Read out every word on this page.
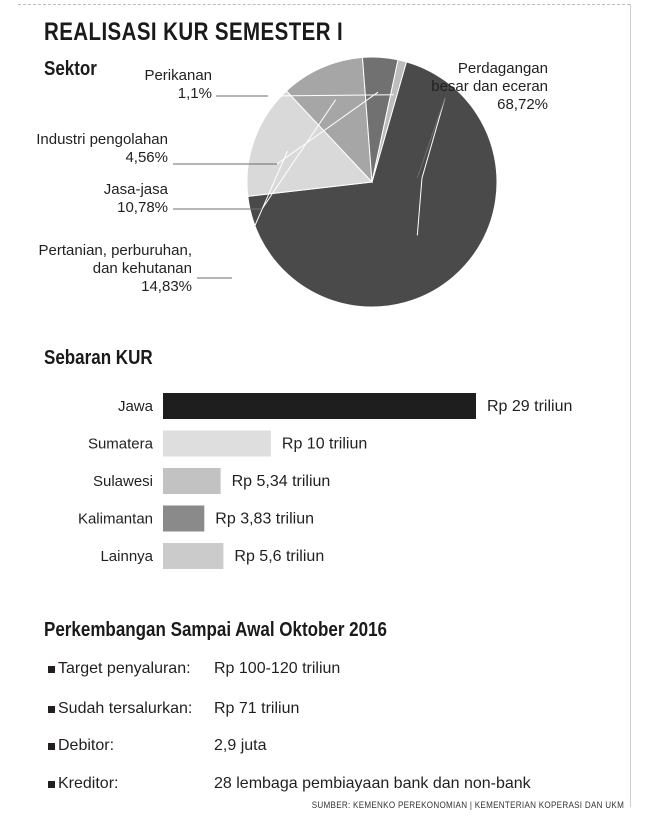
REALISASI KUR SEMESTER I
Sektor	Perdagangan
besar dan eceran
68,72%
Pertanian, perburuhan,
dan kehutanan
14,83%
Jasa-jasa
10,78%
Industri pengolahan
4,56%
Perikanan
1,1%
Sebaran KUR
Jawa	Rp 29 triliun
Sumatera	Rp 10 triliun
Sulawesi	Rp 5,34 triliun
Kalimantan	Rp 3,83 triliun
Lainnya	Rp 5,6 triliun
Perkembangan Sampai Awal Oktober 2016
Target penyaluran: Rp 100-120 triliun
Sudah tersalurkan: Rp 71 triliun
Debitor:	2,9 juta
Kreditor:	28 lembaga pembiayaan bank dan non-bank
SUMBER: KEMENKO PEREKONOMIAN | KEMENTERIAN KOPERASI DAN UKM
